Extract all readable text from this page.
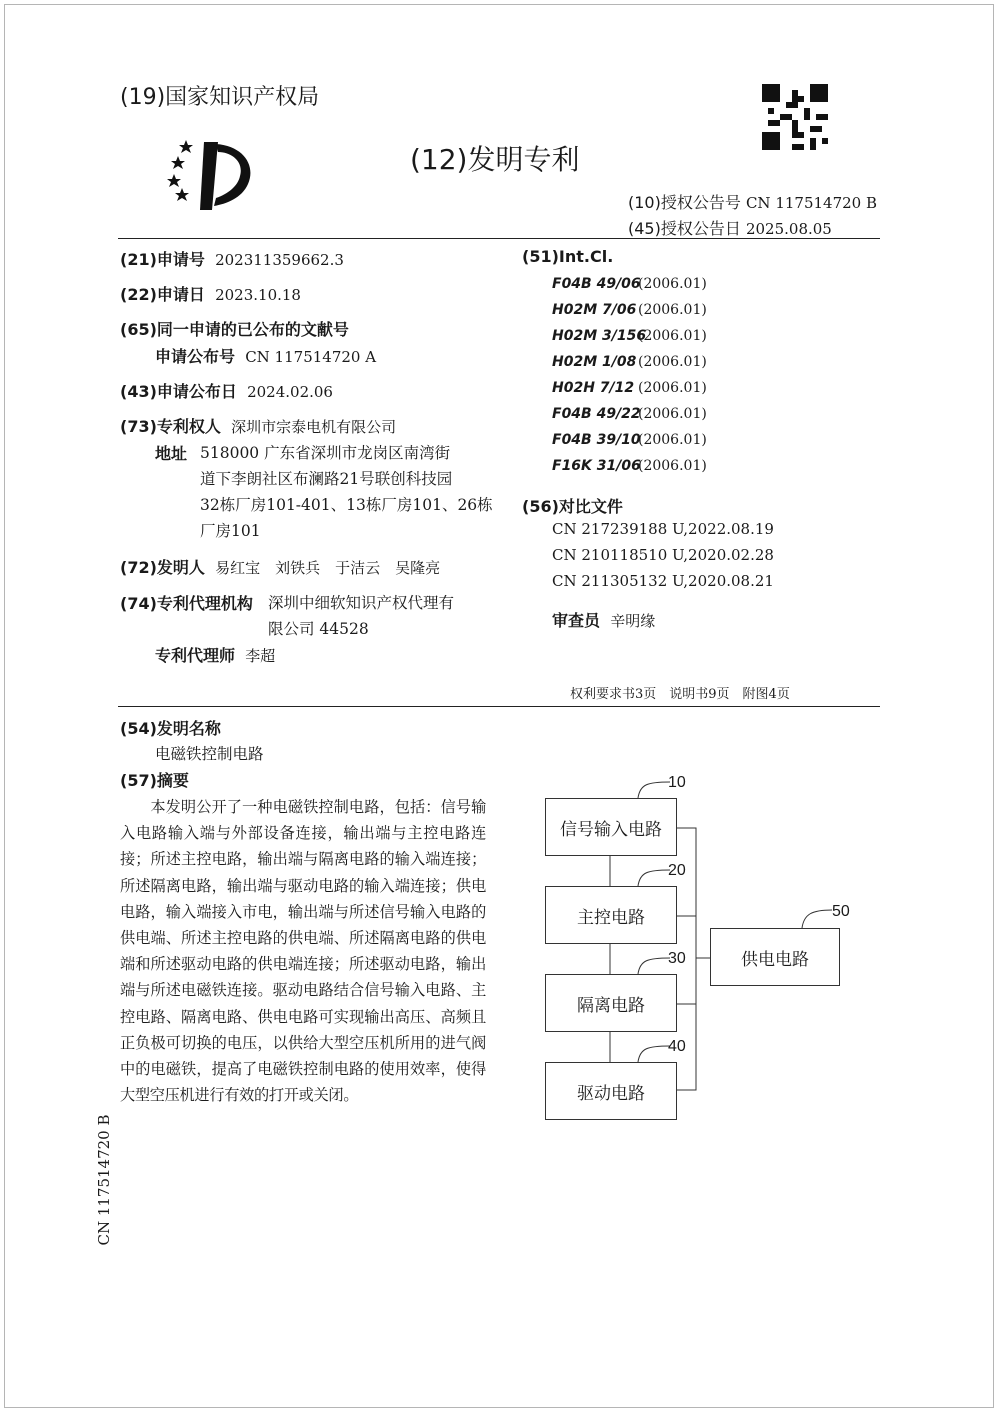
(19)国家知识产权局
(12)发明专利
(10)授权公告号 CN 117514720 B
(45)授权公告日 2025.08.05
(21)申请号 202311359662.3
(22)申请日 2023.10.18
(65)同一申请的已公布的文献号
申请公布号 CN 117514720 A
(43)申请公布日 2024.02.06
(73)专利权人 深圳市宗泰电机有限公司
地址 518000 广东省深圳市龙岗区南湾街
道下李朗社区布澜路21号联创科技园
32栋厂房101-401、13栋厂房101、26栋
厂房101
(72)发明人 易红宝　刘铁兵　于洁云　吴隆亮
(74)专利代理机构 深圳中细软知识产权代理有
限公司 44528
专利代理师 李超
(51)Int.Cl.
F04B 49/06(2006.01)
H02M 7/06 (2006.01)
H02M 3/156(2006.01)
H02M 1/08 (2006.01)
H02H 7/12 (2006.01)
F04B 49/22(2006.01)
F04B 39/10(2006.01)
F16K 31/06(2006.01)
(56)对比文件
CN 217239188 U,2022.08.19
CN 210118510 U,2020.02.28
CN 211305132 U,2020.08.21
审查员 辛明缘
权利要求书3页　说明书9页　附图4页
(54)发明名称
电磁铁控制电路
(57)摘要
本发明公开了一种电磁铁控制电路，包括：信号输入电路输入端与外部设备连接，输出端与主控电路连接；所述主控电路，输出端与隔离电路的输入端连接；所述隔离电路，输出端与驱动电路的输入端连接；供电电路，输入端接入市电，输出端与所述信号输入电路的供电端、所述主控电路的供电端、所述隔离电路的供电端和所述驱动电路的供电端连接；所述驱动电路，输出端与所述电磁铁连接。驱动电路结合信号输入电路、主控电路、隔离电路、供电电路可实现输出高压、高频且正负极可切换的电压，以供给大型空压机所用的进气阀中的电磁铁，提高了电磁铁控制电路的使用效率，使得大型空压机进行有效的打开或关闭。
10
20
30
40
50
信号输入电路
主控电路
隔离电路
驱动电路
供电电路
CN 117514720 B
